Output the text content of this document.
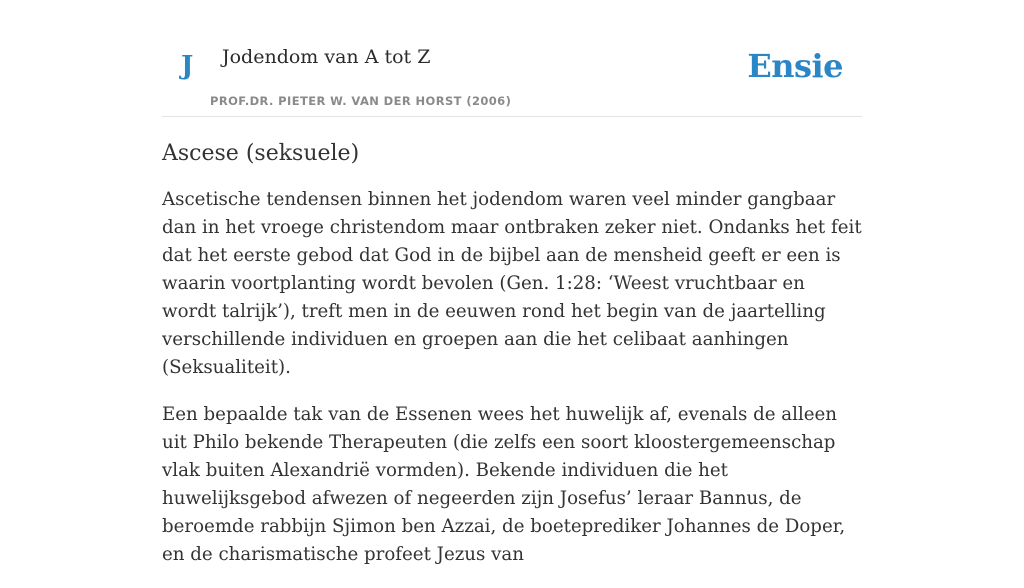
J Jodendom van A tot Z
PROF.DR. PIETER W. VAN DER HORST (2006)
Ensie
Ascese (seksuele)

Ascetische tendensen binnen het jodendom waren veel minder gangbaar dan in het vroege christendom maar ontbraken zeker niet. Ondanks het feit dat het eerste gebod dat God in de bijbel aan de mensheid geeft er een is waarin voortplanting wordt bevolen (Gen. 1:28: ‘Weest vruchtbaar en wordt talrijk’), treft men in de eeuwen rond het begin van de jaartelling verschillende individuen en groepen aan die het celibaat aanhingen (Seksualiteit).

Een bepaalde tak van de Essenen wees het huwelijk af, evenals de alleen uit Philo bekende Therapeuten (die zelfs een soort kloostergemeenschap vlak buiten Alexandrië vormden). Bekende individuen die het huwelijksgebod afwezen of negeerden zijn Josefus’ leraar Bannus, de beroemde rabbijn Sjimon ben Azzai, de boeteprediker Johannes de Doper, en de charismatische profeet Jezus van
